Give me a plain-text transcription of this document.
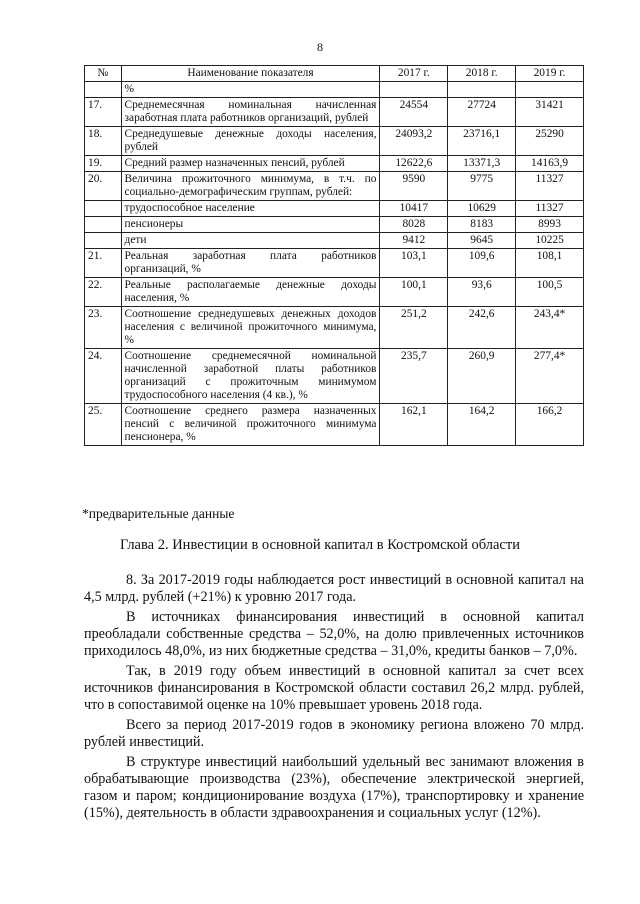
8
№	Наименование показателя	2017 г.	2018 г.	2019 г.
	%			
17.	Среднемесячная номинальная начисленная заработная плата работников организаций, рублей	24554	27724	31421
18.	Среднедушевые денежные доходы населения, рублей	24093,2	23716,1	25290
19.	Средний размер назначенных пенсий, рублей	12622,6	13371,3	14163,9
20.	Величина прожиточного минимума, в т.ч. по социально-демографическим группам, рублей:	9590	9775	11327
	трудоспособное население	10417	10629	11327
	пенсионеры	8028	8183	8993
	дети	9412	9645	10225
21.	Реальная заработная плата работников организаций, %	103,1	109,6	108,1
22.	Реальные располагаемые денежные доходы населения, %	100,1	93,6	100,5
23.	Соотношение среднедушевых денежных доходов населения с величиной прожиточного минимума, %	251,2	242,6	243,4*
24.	Соотношение среднемесячной номинальной начисленной заработной платы работников организаций с прожиточным минимумом трудоспособного населения (4 кв.), %	235,7	260,9	277,4*
25.	Соотношение среднего размера назначенных пенсий с величиной прожиточного минимума пенсионера, %	162,1	164,2	166,2
*предварительные данные
Глава 2. Инвестиции в основной капитал в Костромской области

8. За 2017-2019 годы наблюдается рост инвестиций в основной капитал на 4,5 млрд. рублей (+21%) к уровню 2017 года.

В источниках финансирования инвестиций в основной капитал преобладали собственные средства – 52,0%, на долю привлеченных источников приходилось 48,0%, из них бюджетные средства – 31,0%, кредиты банков – 7,0%.

Так, в 2019 году объем инвестиций в основной капитал за счет всех источников финансирования в Костромской области составил 26,2 млрд. рублей, что в сопоставимой оценке на 10% превышает уровень 2018 года.

Всего за период 2017-2019 годов в экономику региона вложено 70 млрд. рублей инвестиций.

В структуре инвестиций наибольший удельный вес занимают вложения в обрабатывающие производства (23%), обеспечение электрической энергией, газом и паром; кондиционирование воздуха (17%), транспортировку и хранение (15%), деятельность в области здравоохранения и социальных услуг (12%).
